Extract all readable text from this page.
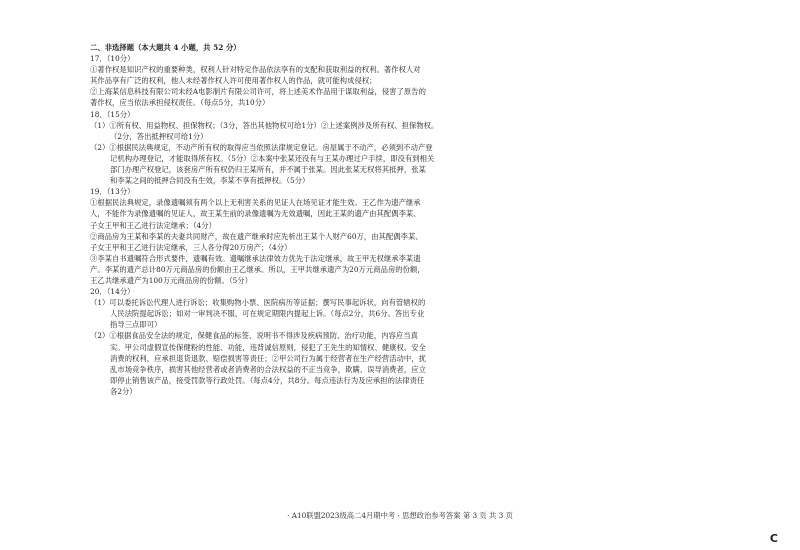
二、非选择题（本大题共 4 小题，共 52 分）
17．（10分）
①著作权是知识产权的重要种类，权利人针对特定作品依法享有的支配和获取利益的权利。著作权人对
其作品享有广泛的权利，他人未经著作权人许可使用著作权人的作品，就可能构成侵权；
②上海某信息科技有限公司未经A电影制片有限公司许可，将上述美术作品用于谋取利益，侵害了原告的
著作权，应当依法承担侵权责任。（每点5分，共10分）
18．（15分）
（1）①所有权、用益物权、担保物权；（3分，答出其他物权可给1分）②上述案例涉及所有权、担保物权。
（2分，答出抵押权可给1分）
（2）①根据民法典规定，不动产所有权的取得应当依照法律规定登记。房屋属于不动产，必须到不动产登
记机构办理登记，才能取得所有权。（5分）②本案中张某还没有与王某办理过户手续，即没有到相关
部门办理产权登记，该套房产所有权仍归王某所有，并不属于张某。因此张某无权将其抵押，张某
和李某之间的抵押合同没有生效，李某不享有抵押权。（5分）
19．（13分）
①根据民法典规定，录像遗嘱须有两个以上无利害关系的见证人在场见证才能生效。王乙作为遗产继承
人，不能作为录像遗嘱的见证人，故王某生前的录像遗嘱为无效遗嘱，因此王某的遗产由其配偶李某、
子女王甲和王乙进行法定继承；（4分）
②商品房为王某和李某的夫妻共同财产，故在遗产继承时应先析出王某个人财产60万，由其配偶李某、
子女王甲和王乙进行法定继承，三人各分得20万房产；（4分）
③李某自书遗嘱符合形式要件，遗嘱有效。遗嘱继承法律效力优先于法定继承，故王甲无权继承李某遗
产。李某的遗产总计80万元商品房的份额由王乙继承。所以，王甲共继承遗产为20万元商品房的份额，
王乙共继承遗产为100万元商品房的份额。（5分）
20．（14分）
（1）可以委托诉讼代理人进行诉讼；收集购物小票、医院病历等证据；撰写民事起诉状，向有管辖权的
人民法院提起诉讼；如对一审判决不服，可在规定期限内提起上诉。（每点2分，共6分。答出专业
指导三点即可）
（2）①根据食品安全法的规定，保健食品的标签、说明书不得涉及疾病预防、治疗功能，内容应当真
实。甲公司虚假宣传保健粉的性能、功能，违背诚信原则，侵犯了王先生的知情权、健康权、安全
消费的权利，应承担退货退款、赔偿损害等责任；②甲公司行为属于经营者在生产经营活动中，扰
乱市场竞争秩序，损害其他经营者或者消费者的合法权益的不正当竞争，欺瞒、误导消费者，应立
即停止销售该产品，接受罚款等行政处罚。（每点4分，共8分。每点违法行为及应承担的法律责任
各2分）
· A10联盟2023级高二4月期中考 · 思想政治参考答案 第 3 页 共 3 页
C
